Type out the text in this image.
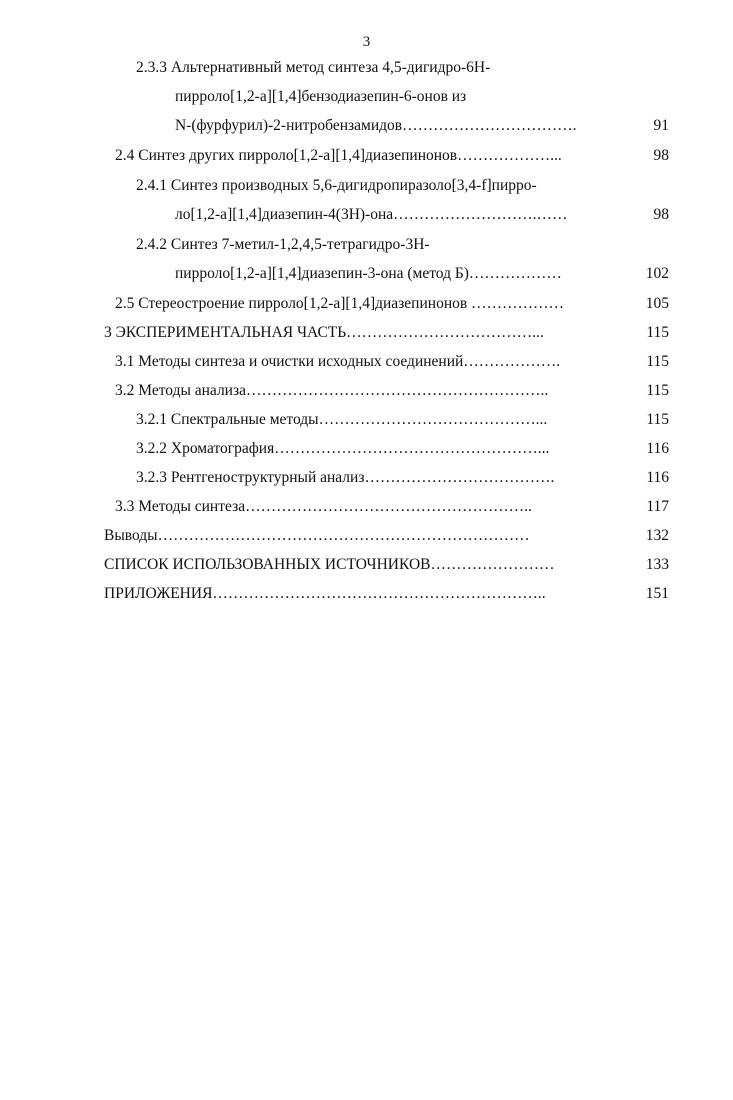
3
2.3.3 Альтернативный метод синтеза 4,5-дигидро-6Н-
пирроло[1,2-а][1,4]бензодиазепин-6-онов из
N-(фурфурил)-2-нитробензамидов…………………………….	91
2.4 Синтез других пирроло[1,2-а][1,4]диазепинонов………………...	98
2.4.1 Синтез производных 5,6-дигидропиразоло[3,4-f]пирро-
ло[1,2-а][1,4]диазепин-4(3Н)-она……………………….……	98
2.4.2 Синтез 7-метил-1,2,4,5-тетрагидро-3Н-
пирроло[1,2-а][1,4]диазепин-3-она (метод Б)………………	102
2.5 Стереостроение пирроло[1,2-а][1,4]диазепинонов ………………	105
3 ЭКСПЕРИМЕНТАЛЬНАЯ ЧАСТЬ………………………………...	115
3.1 Методы синтеза и очистки исходных соединений……………….	115
3.2 Методы анализа…………………………………………………..	115
3.2.1 Спектральные методы……………………………………...	115
3.2.2 Хроматография……………………………………………...	116
3.2.3 Рентгеноструктурный анализ……………………………….	116
3.3 Методы синтеза………………………………………………..	117
Выводы………………………………………………………………	132
СПИСОК ИСПОЛЬЗОВАННЫХ ИСТОЧНИКОВ……………………	133
ПРИЛОЖЕНИЯ………………………………………………………..	151
